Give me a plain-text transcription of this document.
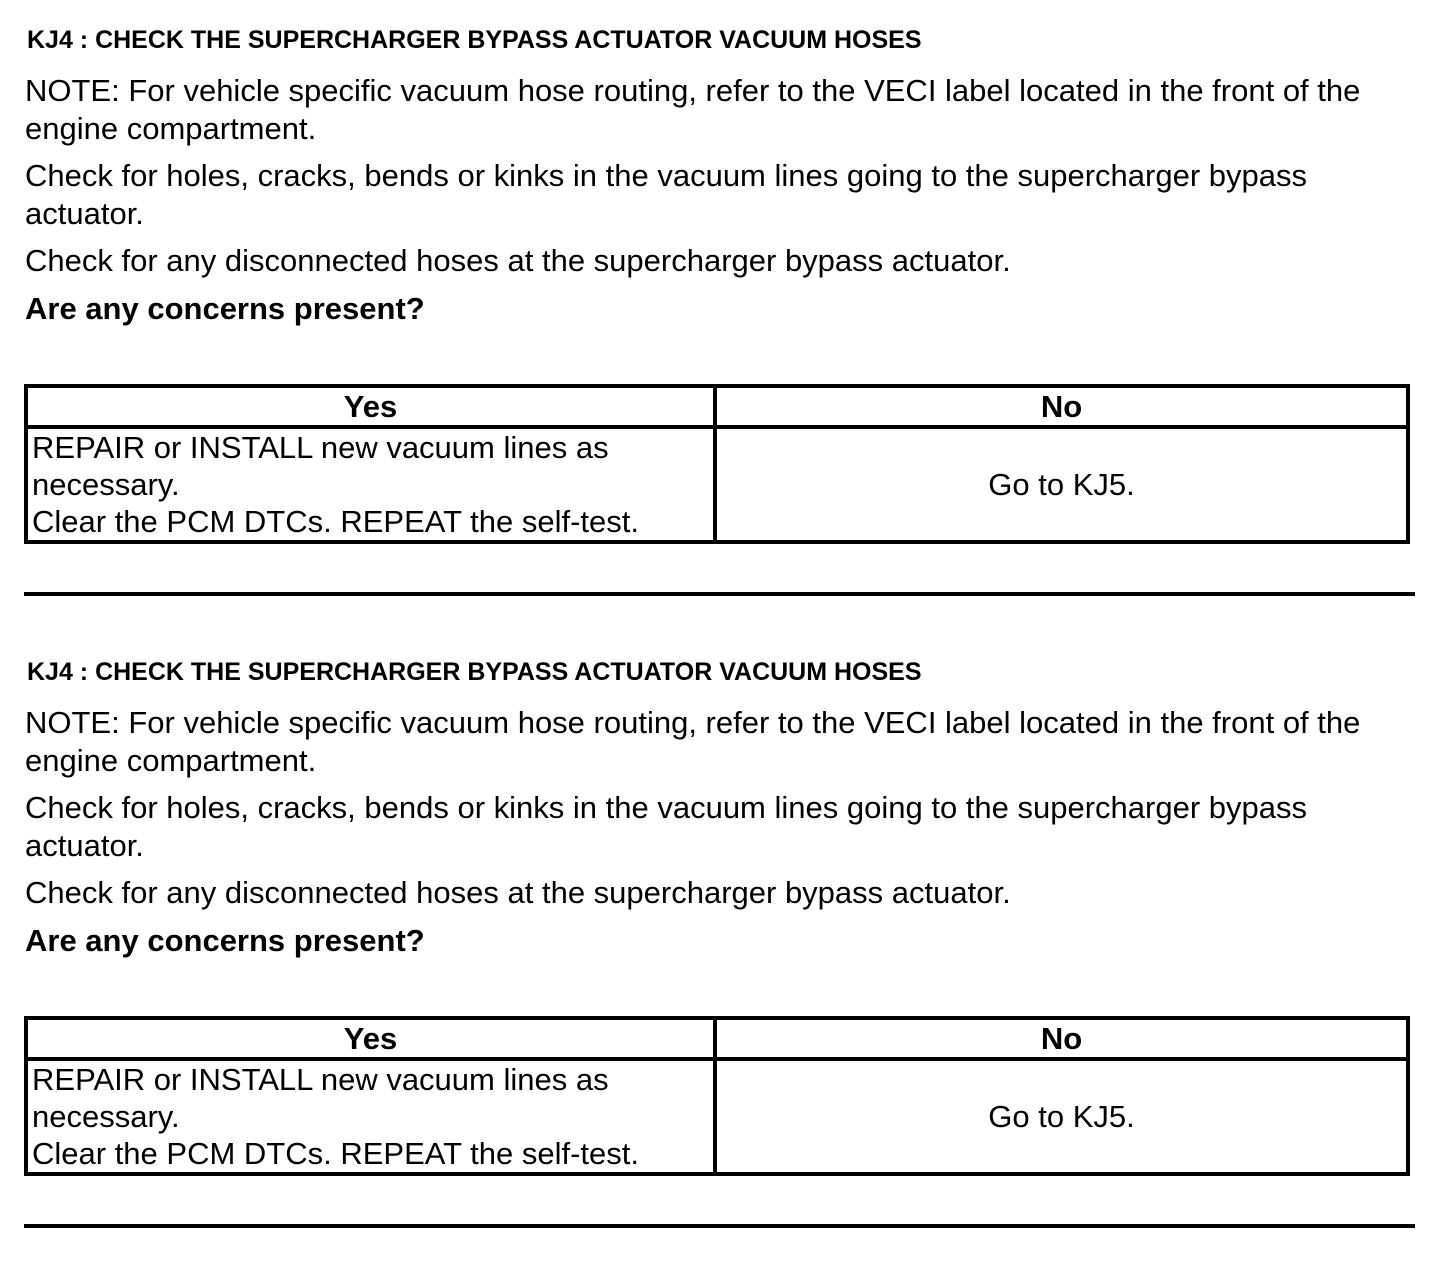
KJ4 : CHECK THE SUPERCHARGER BYPASS ACTUATOR VACUUM HOSES

NOTE: For vehicle specific vacuum hose routing, refer to the VECI label located in the front of the engine compartment.

Check for holes, cracks, bends or kinks in the vacuum lines going to the supercharger bypass actuator.

Check for any disconnected hoses at the supercharger bypass actuator.

Are any concerns present?

Yes	No

REPAIR or INSTALL new vacuum lines as
necessary.
Clear the PCM DTCs. REPEAT the self-test.	Go to KJ5.
KJ4 : CHECK THE SUPERCHARGER BYPASS ACTUATOR VACUUM HOSES

NOTE: For vehicle specific vacuum hose routing, refer to the VECI label located in the front of the engine compartment.

Check for holes, cracks, bends or kinks in the vacuum lines going to the supercharger bypass actuator.

Check for any disconnected hoses at the supercharger bypass actuator.

Are any concerns present?

Yes	No

REPAIR or INSTALL new vacuum lines as
necessary.
Clear the PCM DTCs. REPEAT the self-test.	Go to KJ5.
